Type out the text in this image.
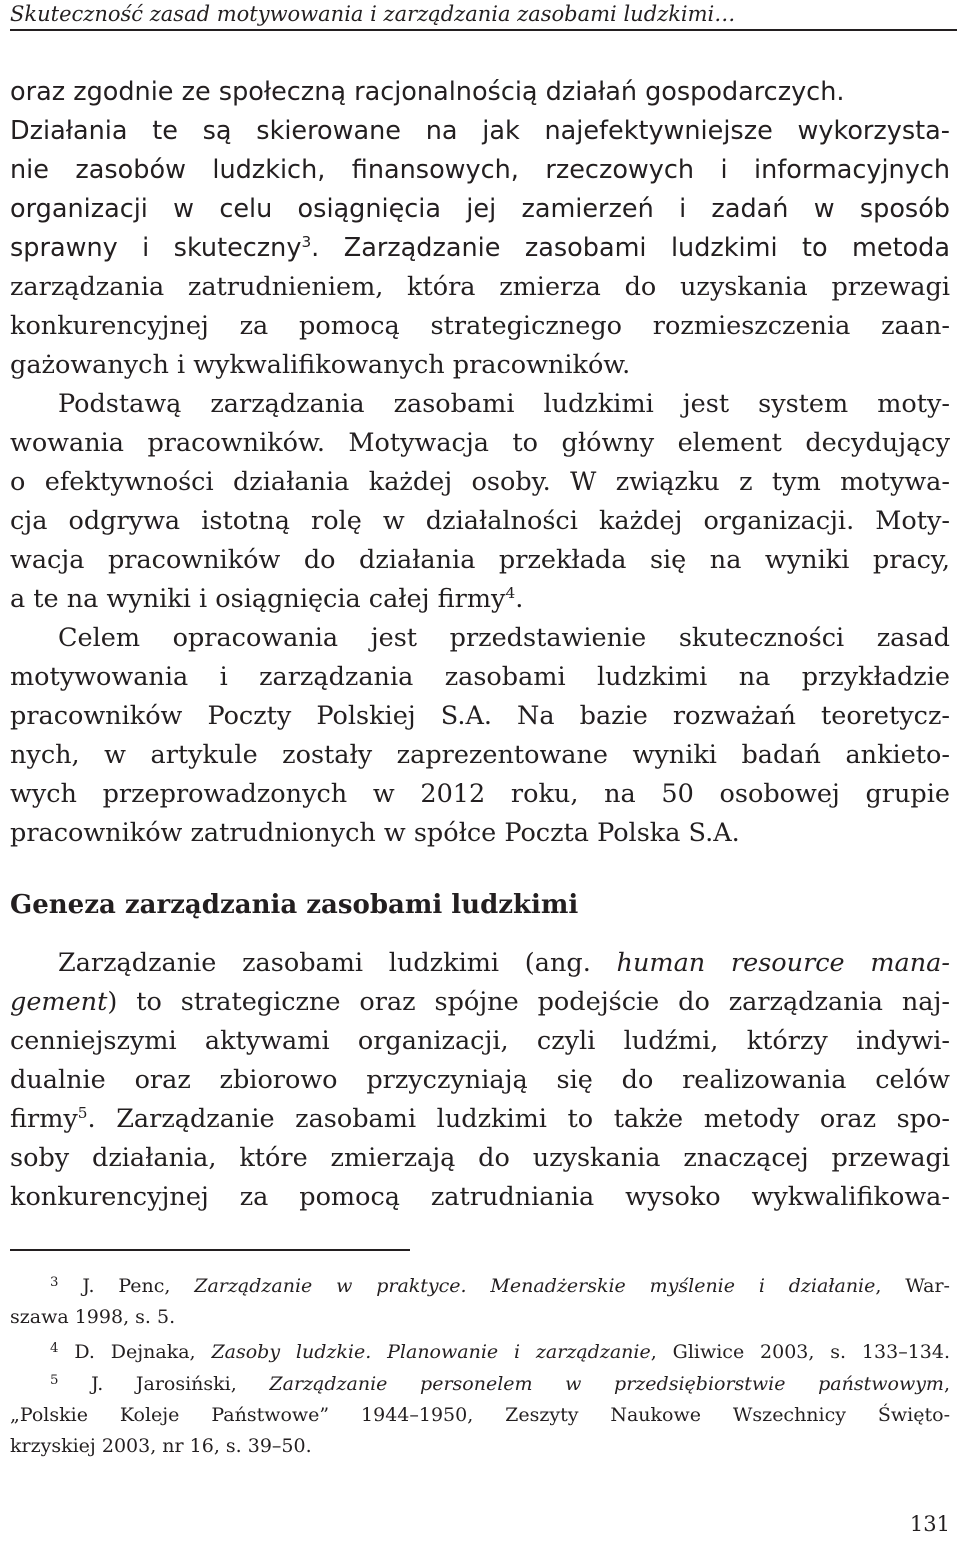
Skuteczność zasad motywowania i zarządzania zasobami ludzkimi…
oraz zgodnie ze społeczną racjonalnością działań gospodarczych.
Działania te są skierowane na jak najefektywniejsze wykorzysta-
nie zasobów ludzkich, finansowych, rzeczowych i informacyjnych
organizacji w celu osiągnięcia jej zamierzeń i zadań w sposób
sprawny i skuteczny$^3$. Zarządzanie zasobami ludzkimi to metoda
zarządzania zatrudnieniem, która zmierza do uzyskania przewagi
konkurencyjnej za pomocą strategicznego rozmieszczenia zaan-
gażowanych i wykwalifikowanych pracowników.
Podstawą zarządzania zasobami ludzkimi jest system moty-
wowania pracowników. Motywacja to główny element decydujący
o efektywności działania każdej osoby. W związku z tym motywa-
cja odgrywa istotną rolę w działalności każdej organizacji. Moty-
wacja pracowników do działania przekłada się na wyniki pracy,
a te na wyniki i osiągnięcia całej firmy$^4$.
Celem opracowania jest przedstawienie skuteczności zasad
motywowania i zarządzania zasobami ludzkimi na przykładzie
pracowników Poczty Polskiej S.A. Na bazie rozważań teoretycz-
nych, w artykule zostały zaprezentowane wyniki badań ankieto-
wych przeprowadzonych w 2012 roku, na 50 osobowej grupie
pracowników zatrudnionych w spółce Poczta Polska S.A.
Geneza zarządzania zasobami ludzkimi
Zarządzanie zasobami ludzkimi (ang. human resource mana-
gement) to strategiczne oraz spójne podejście do zarządzania naj-
cenniejszymi aktywami organizacji, czyli ludźmi, którzy indywi-
dualnie oraz zbiorowo przyczyniają się do realizowania celów
firmy$^5$. Zarządzanie zasobami ludzkimi to także metody oraz spo-
soby działania, które zmierzają do uzyskania znaczącej przewagi
konkurencyjnej za pomocą zatrudniania wysoko wykwalifikowa-
$^3$ J. Penc, Zarządzanie w praktyce. Menadżerskie myślenie i działanie, War-
szawa 1998, s. 5.
$^4$ D. Dejnaka, Zasoby ludzkie. Planowanie i zarządzanie, Gliwice 2003, s. 133–134.
$^5$ J. Jarosiński, Zarządzanie personelem w przedsiębiorstwie państwowym,
„Polskie Koleje Państwowe” 1944–1950, Zeszyty Naukowe Wszechnicy Święto-
krzyskiej 2003, nr 16, s. 39–50.
131
